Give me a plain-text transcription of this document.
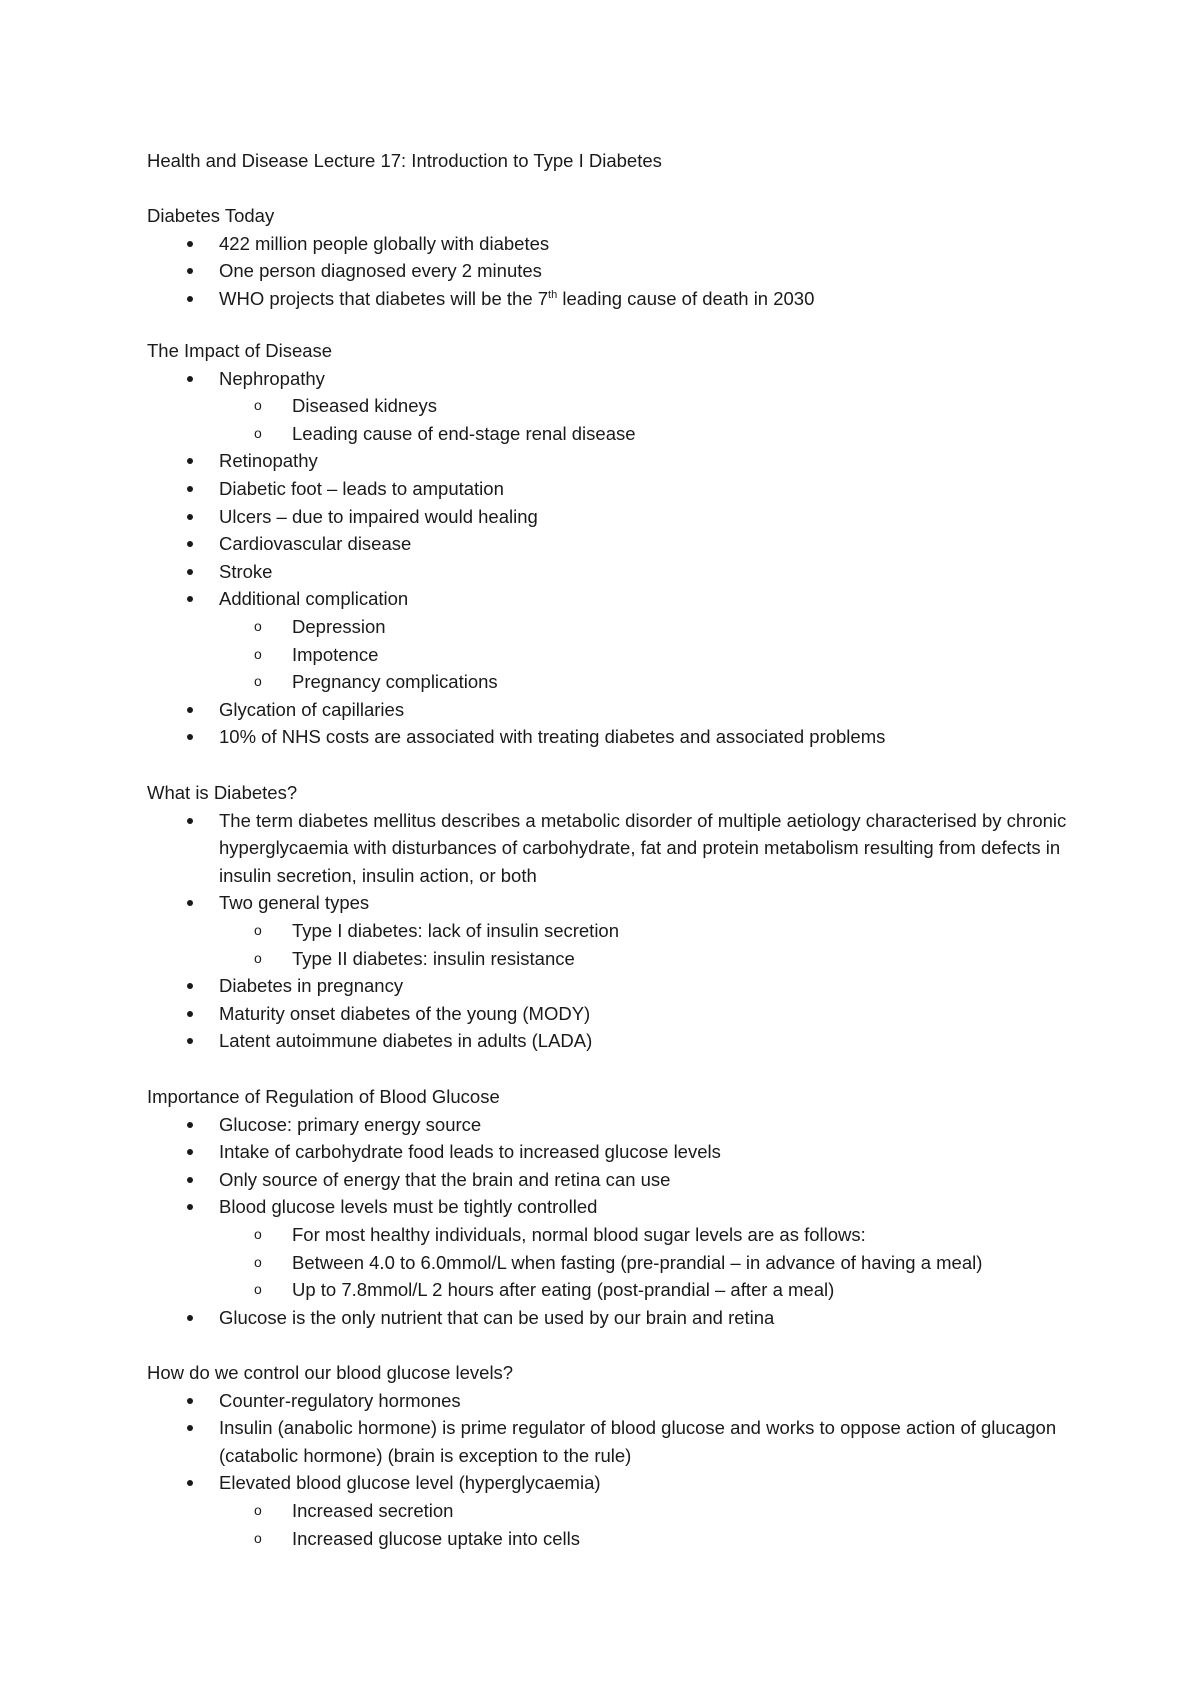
Health and Disease Lecture 17: Introduction to Type I Diabetes
Diabetes Today
422 million people globally with diabetes
One person diagnosed every 2 minutes
WHO projects that diabetes will be the 7th leading cause of death in 2030
The Impact of Disease
Nephropathy
o Diseased kidneys
o Leading cause of end-stage renal disease
Retinopathy
Diabetic foot – leads to amputation
Ulcers – due to impaired would healing
Cardiovascular disease
Stroke
Additional complication
o Depression
o Impotence
o Pregnancy complications
Glycation of capillaries
10% of NHS costs are associated with treating diabetes and associated problems
What is Diabetes?
The term diabetes mellitus describes a metabolic disorder of multiple aetiology characterised by chronic hyperglycaemia with disturbances of carbohydrate, fat and protein metabolism resulting from defects in insulin secretion, insulin action, or both
Two general types
o Type I diabetes: lack of insulin secretion
o Type II diabetes: insulin resistance
Diabetes in pregnancy
Maturity onset diabetes of the young (MODY)
Latent autoimmune diabetes in adults (LADA)
Importance of Regulation of Blood Glucose
Glucose: primary energy source
Intake of carbohydrate food leads to increased glucose levels
Only source of energy that the brain and retina can use
Blood glucose levels must be tightly controlled
o For most healthy individuals, normal blood sugar levels are as follows:
o Between 4.0 to 6.0mmol/L when fasting (pre-prandial – in advance of having a meal)
o Up to 7.8mmol/L 2 hours after eating (post-prandial – after a meal)
Glucose is the only nutrient that can be used by our brain and retina
How do we control our blood glucose levels?
Counter-regulatory hormones
Insulin (anabolic hormone) is prime regulator of blood glucose and works to oppose action of glucagon (catabolic hormone) (brain is exception to the rule)
Elevated blood glucose level (hyperglycaemia)
o Increased secretion
o Increased glucose uptake into cells
